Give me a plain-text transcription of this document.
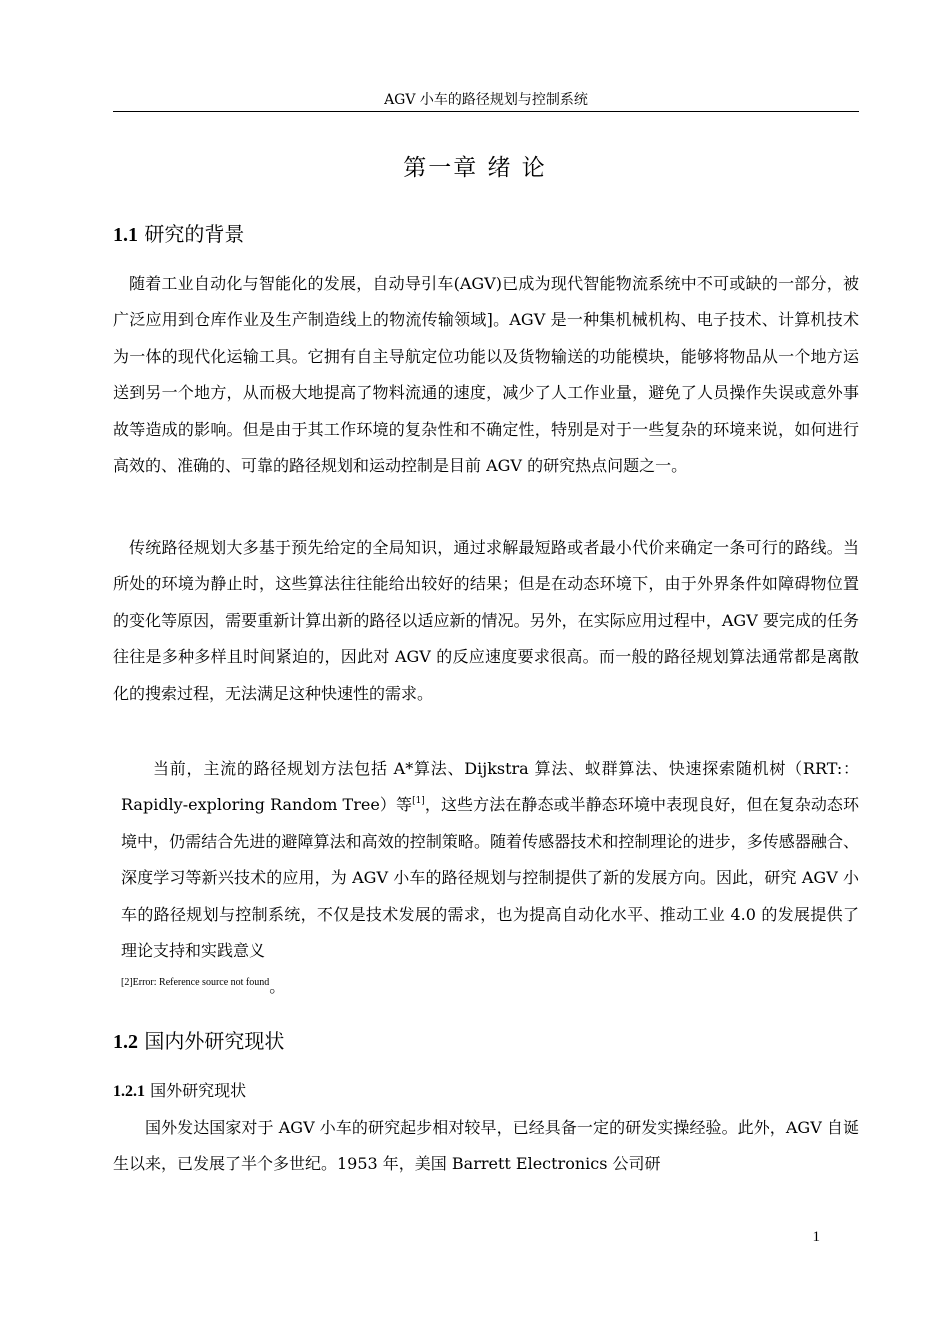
AGV 小车的路径规划与控制系统
第一章 绪 论
1.1 研究的背景

随着工业自动化与智能化的发展，自动导引车(AGV)已成为现代智能物流系统中不可或缺的一部分，被广泛应用到仓库作业及生产制造线上的物流传输领域]。AGV 是一种集机械机构、电子技术、计算机技术为一体的现代化运输工具。它拥有自主导航定位功能以及货物输送的功能模块，能够将物品从一个地方运送到另一个地方，从而极大地提高了物料流通的速度，减少了人工作业量，避免了人员操作失误或意外事故等造成的影响。但是由于其工作环境的复杂性和不确定性，特别是对于一些复杂的环境来说，如何进行高效的、准确的、可靠的路径规划和运动控制是目前 AGV 的研究热点问题之一。

传统路径规划大多基于预先给定的全局知识，通过求解最短路或者最小代价来确定一条可行的路线。当所处的环境为静止时，这些算法往往能给出较好的结果；但是在动态环境下，由于外界条件如障碍物位置的变化等原因，需要重新计算出新的路径以适应新的情况。另外，在实际应用过程中，AGV 要完成的任务往往是多种多样且时间紧迫的，因此对 AGV 的反应速度要求很高。而一般的路径规划算法通常都是离散化的搜索过程，无法满足这种快速性的需求。

当前，主流的路径规划方法包括 A*算法、Dijkstra 算法、蚁群算法、快速探索随机树（RRT:：Rapidly-exploring Random Tree）等[1]，这些方法在静态或半静态环境中表现良好，但在复杂动态环境中，仍需结合先进的避障算法和高效的控制策略。随着传感器技术和控制理论的进步，多传感器融合、深度学习等新兴技术的应用，为 AGV 小车的路径规划与控制提供了新的发展方向。因此，研究 AGV 小车的路径规划与控制系统，不仅是技术发展的需求，也为提高自动化水平、推动工业 4.0 的发展提供了理论支持和实践意义
$^{[2]Error: Reference source not found}$。

1.2 国内外研究现状
1.2.1 国外研究现状

国外发达国家对于 AGV 小车的研究起步相对较早，已经具备一定的研发实操经验。此外，AGV 自诞生以来，已发展了半个多世纪。1953 年，美国 Barrett Electronics 公司研

1
